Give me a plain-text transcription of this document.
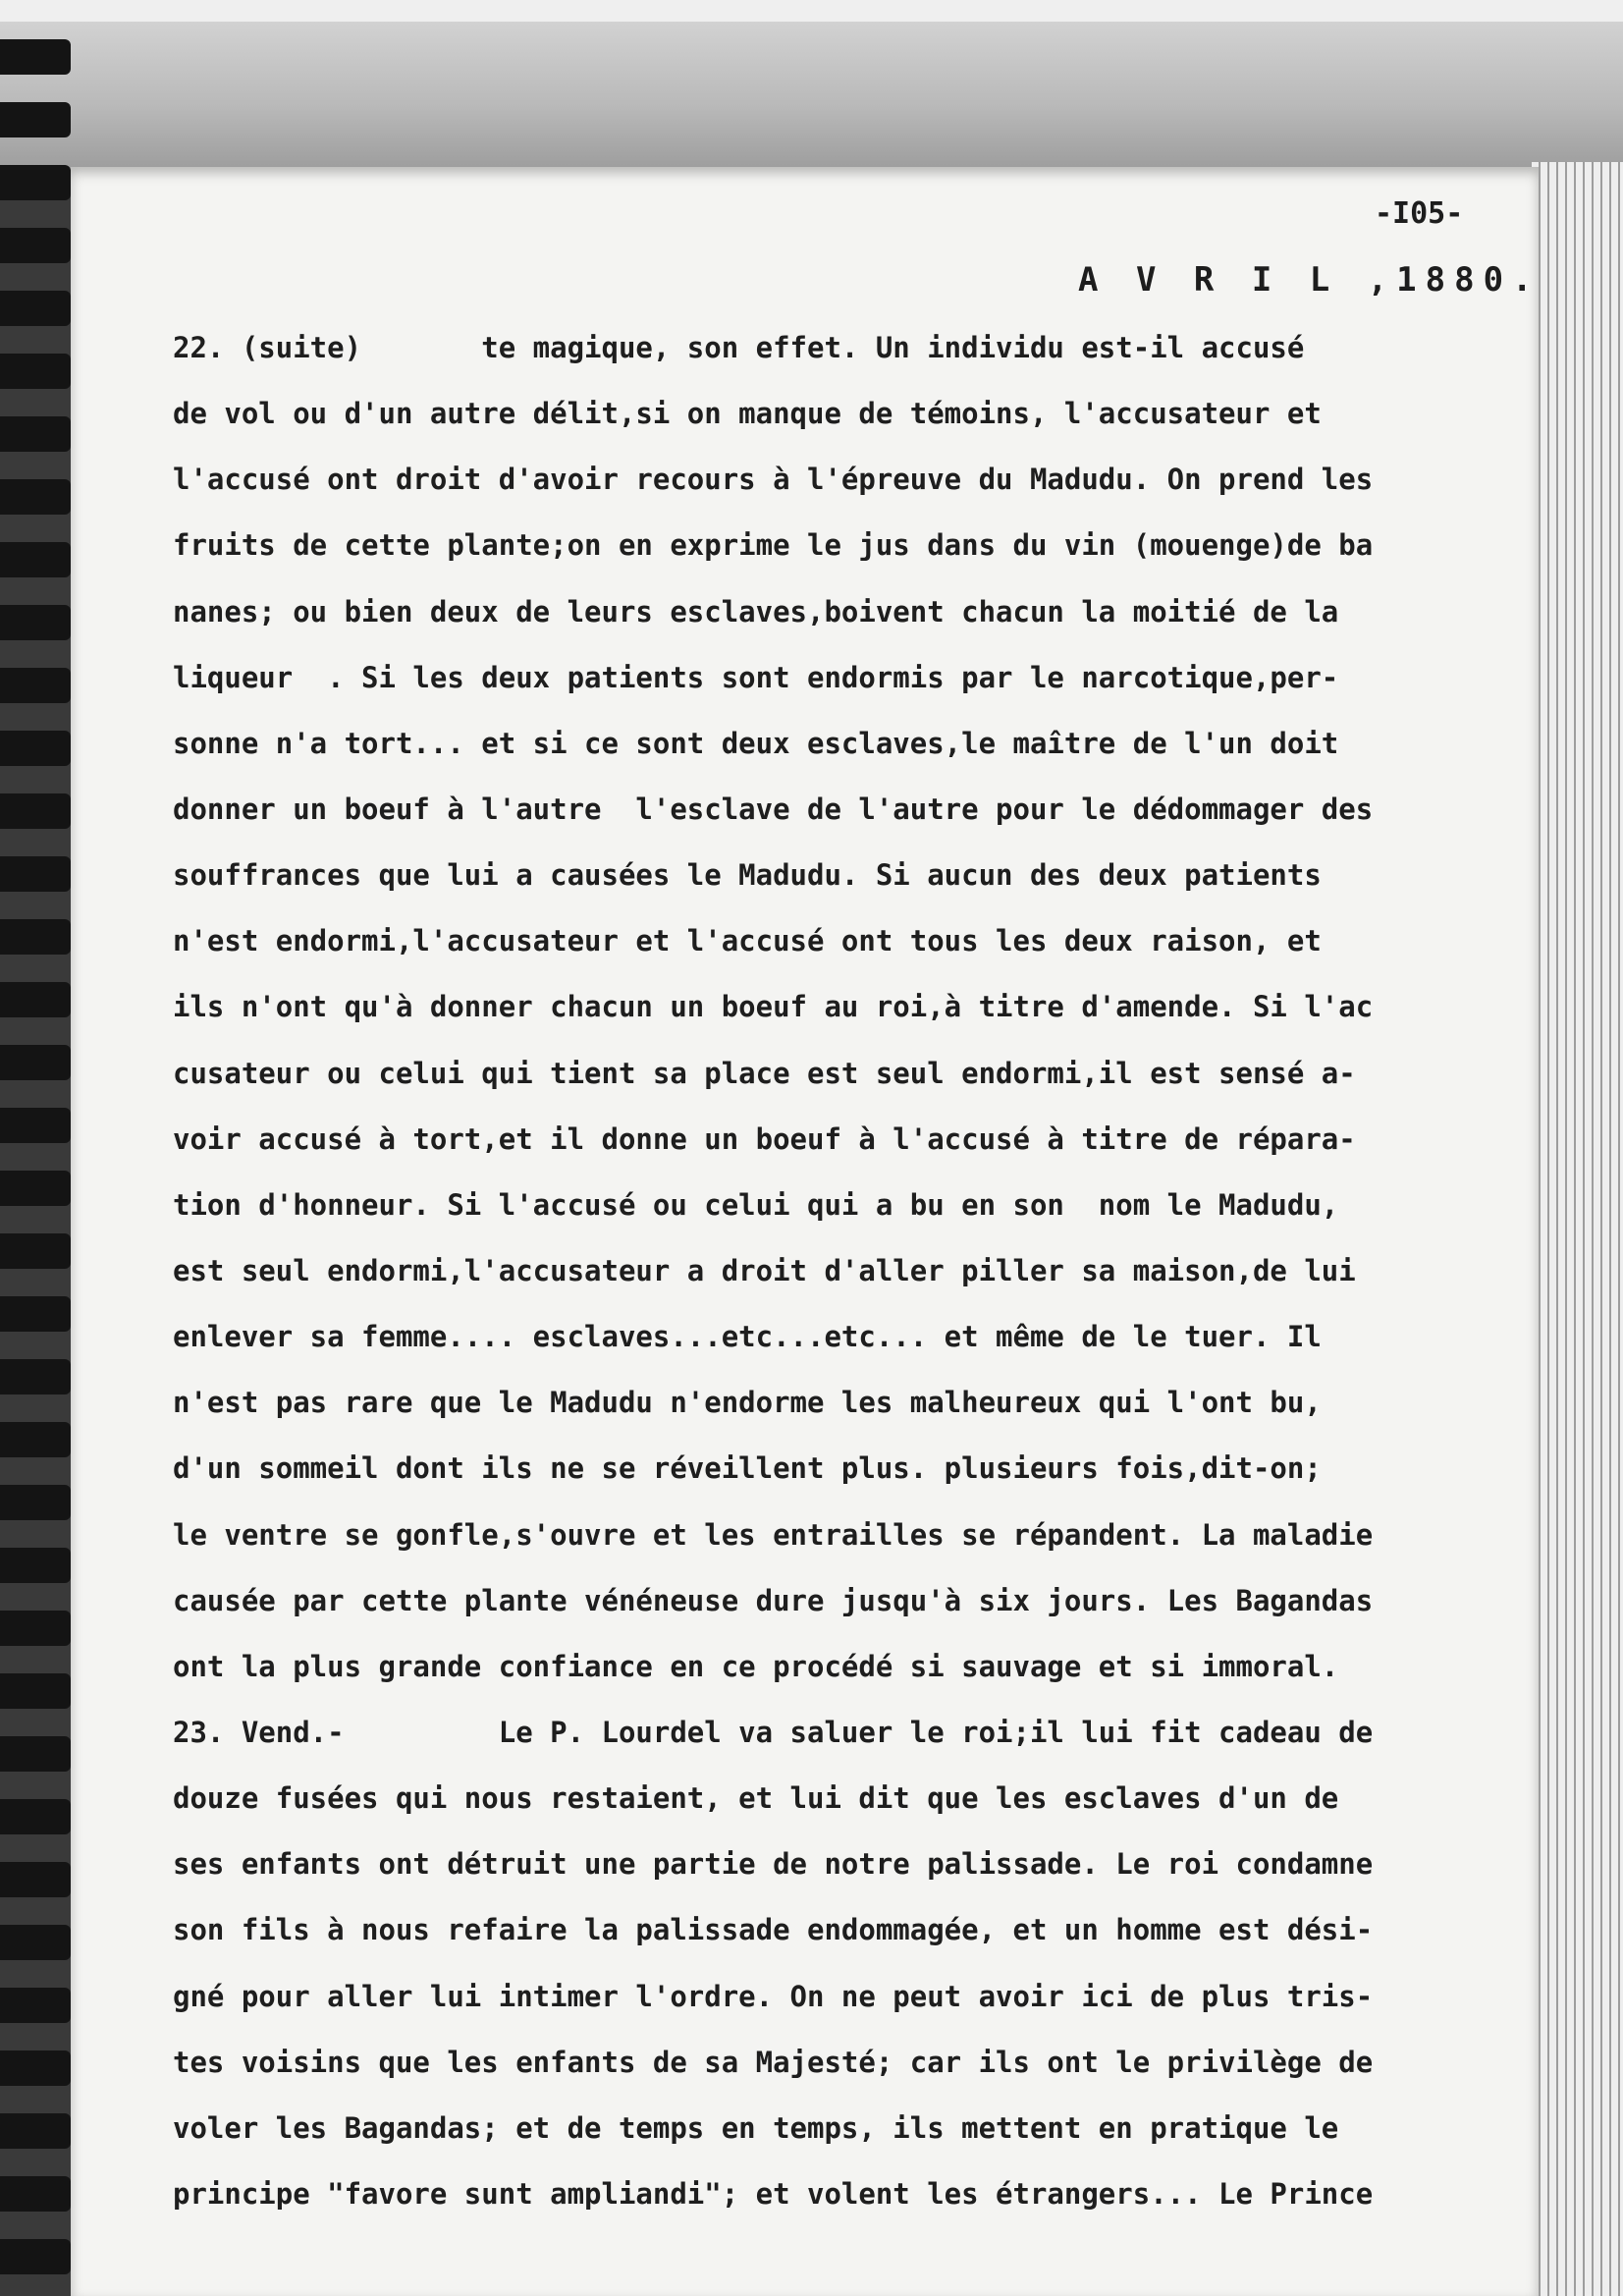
-I05-
A V R I L ,1880.
22. (suite)       te magique, son effet. Un individu est-il accusé
de vol ou d'un autre délit,si on manque de témoins, l'accusateur et
l'accusé ont droit d'avoir recours à l'épreuve du Madudu. On prend les
fruits de cette plante;on en exprime le jus dans du vin (mouenge)de ba
nanes; ou bien deux de leurs esclaves,boivent chacun la moitié de la
liqueur  . Si les deux patients sont endormis par le narcotique,per-
sonne n'a tort... et si ce sont deux esclaves,le maître de l'un doit
donner un boeuf à l'autre  l'esclave de l'autre pour le dédommager des
souffrances que lui a causées le Madudu. Si aucun des deux patients
n'est endormi,l'accusateur et l'accusé ont tous les deux raison, et
ils n'ont qu'à donner chacun un boeuf au roi,à titre d'amende. Si l'ac
cusateur ou celui qui tient sa place est seul endormi,il est sensé a-
voir accusé à tort,et il donne un boeuf à l'accusé à titre de répara-
tion d'honneur. Si l'accusé ou celui qui a bu en son  nom le Madudu,
est seul endormi,l'accusateur a droit d'aller piller sa maison,de lui
enlever sa femme.... esclaves...etc...etc... et même de le tuer. Il
n'est pas rare que le Madudu n'endorme les malheureux qui l'ont bu,
d'un sommeil dont ils ne se réveillent plus. plusieurs fois,dit-on;
le ventre se gonfle,s'ouvre et les entrailles se répandent. La maladie
causée par cette plante vénéneuse dure jusqu'à six jours. Les Bagandas
ont la plus grande confiance en ce procédé si sauvage et si immoral.
23. Vend.-         Le P. Lourdel va saluer le roi;il lui fit cadeau de
douze fusées qui nous restaient, et lui dit que les esclaves d'un de
ses enfants ont détruit une partie de notre palissade. Le roi condamne
son fils à nous refaire la palissade endommagée, et un homme est dési-
gné pour aller lui intimer l'ordre. On ne peut avoir ici de plus tris-
tes voisins que les enfants de sa Majesté; car ils ont le privilège de
voler les Bagandas; et de temps en temps, ils mettent en pratique le
principe "favore sunt ampliandi"; et volent les étrangers... Le Prince
